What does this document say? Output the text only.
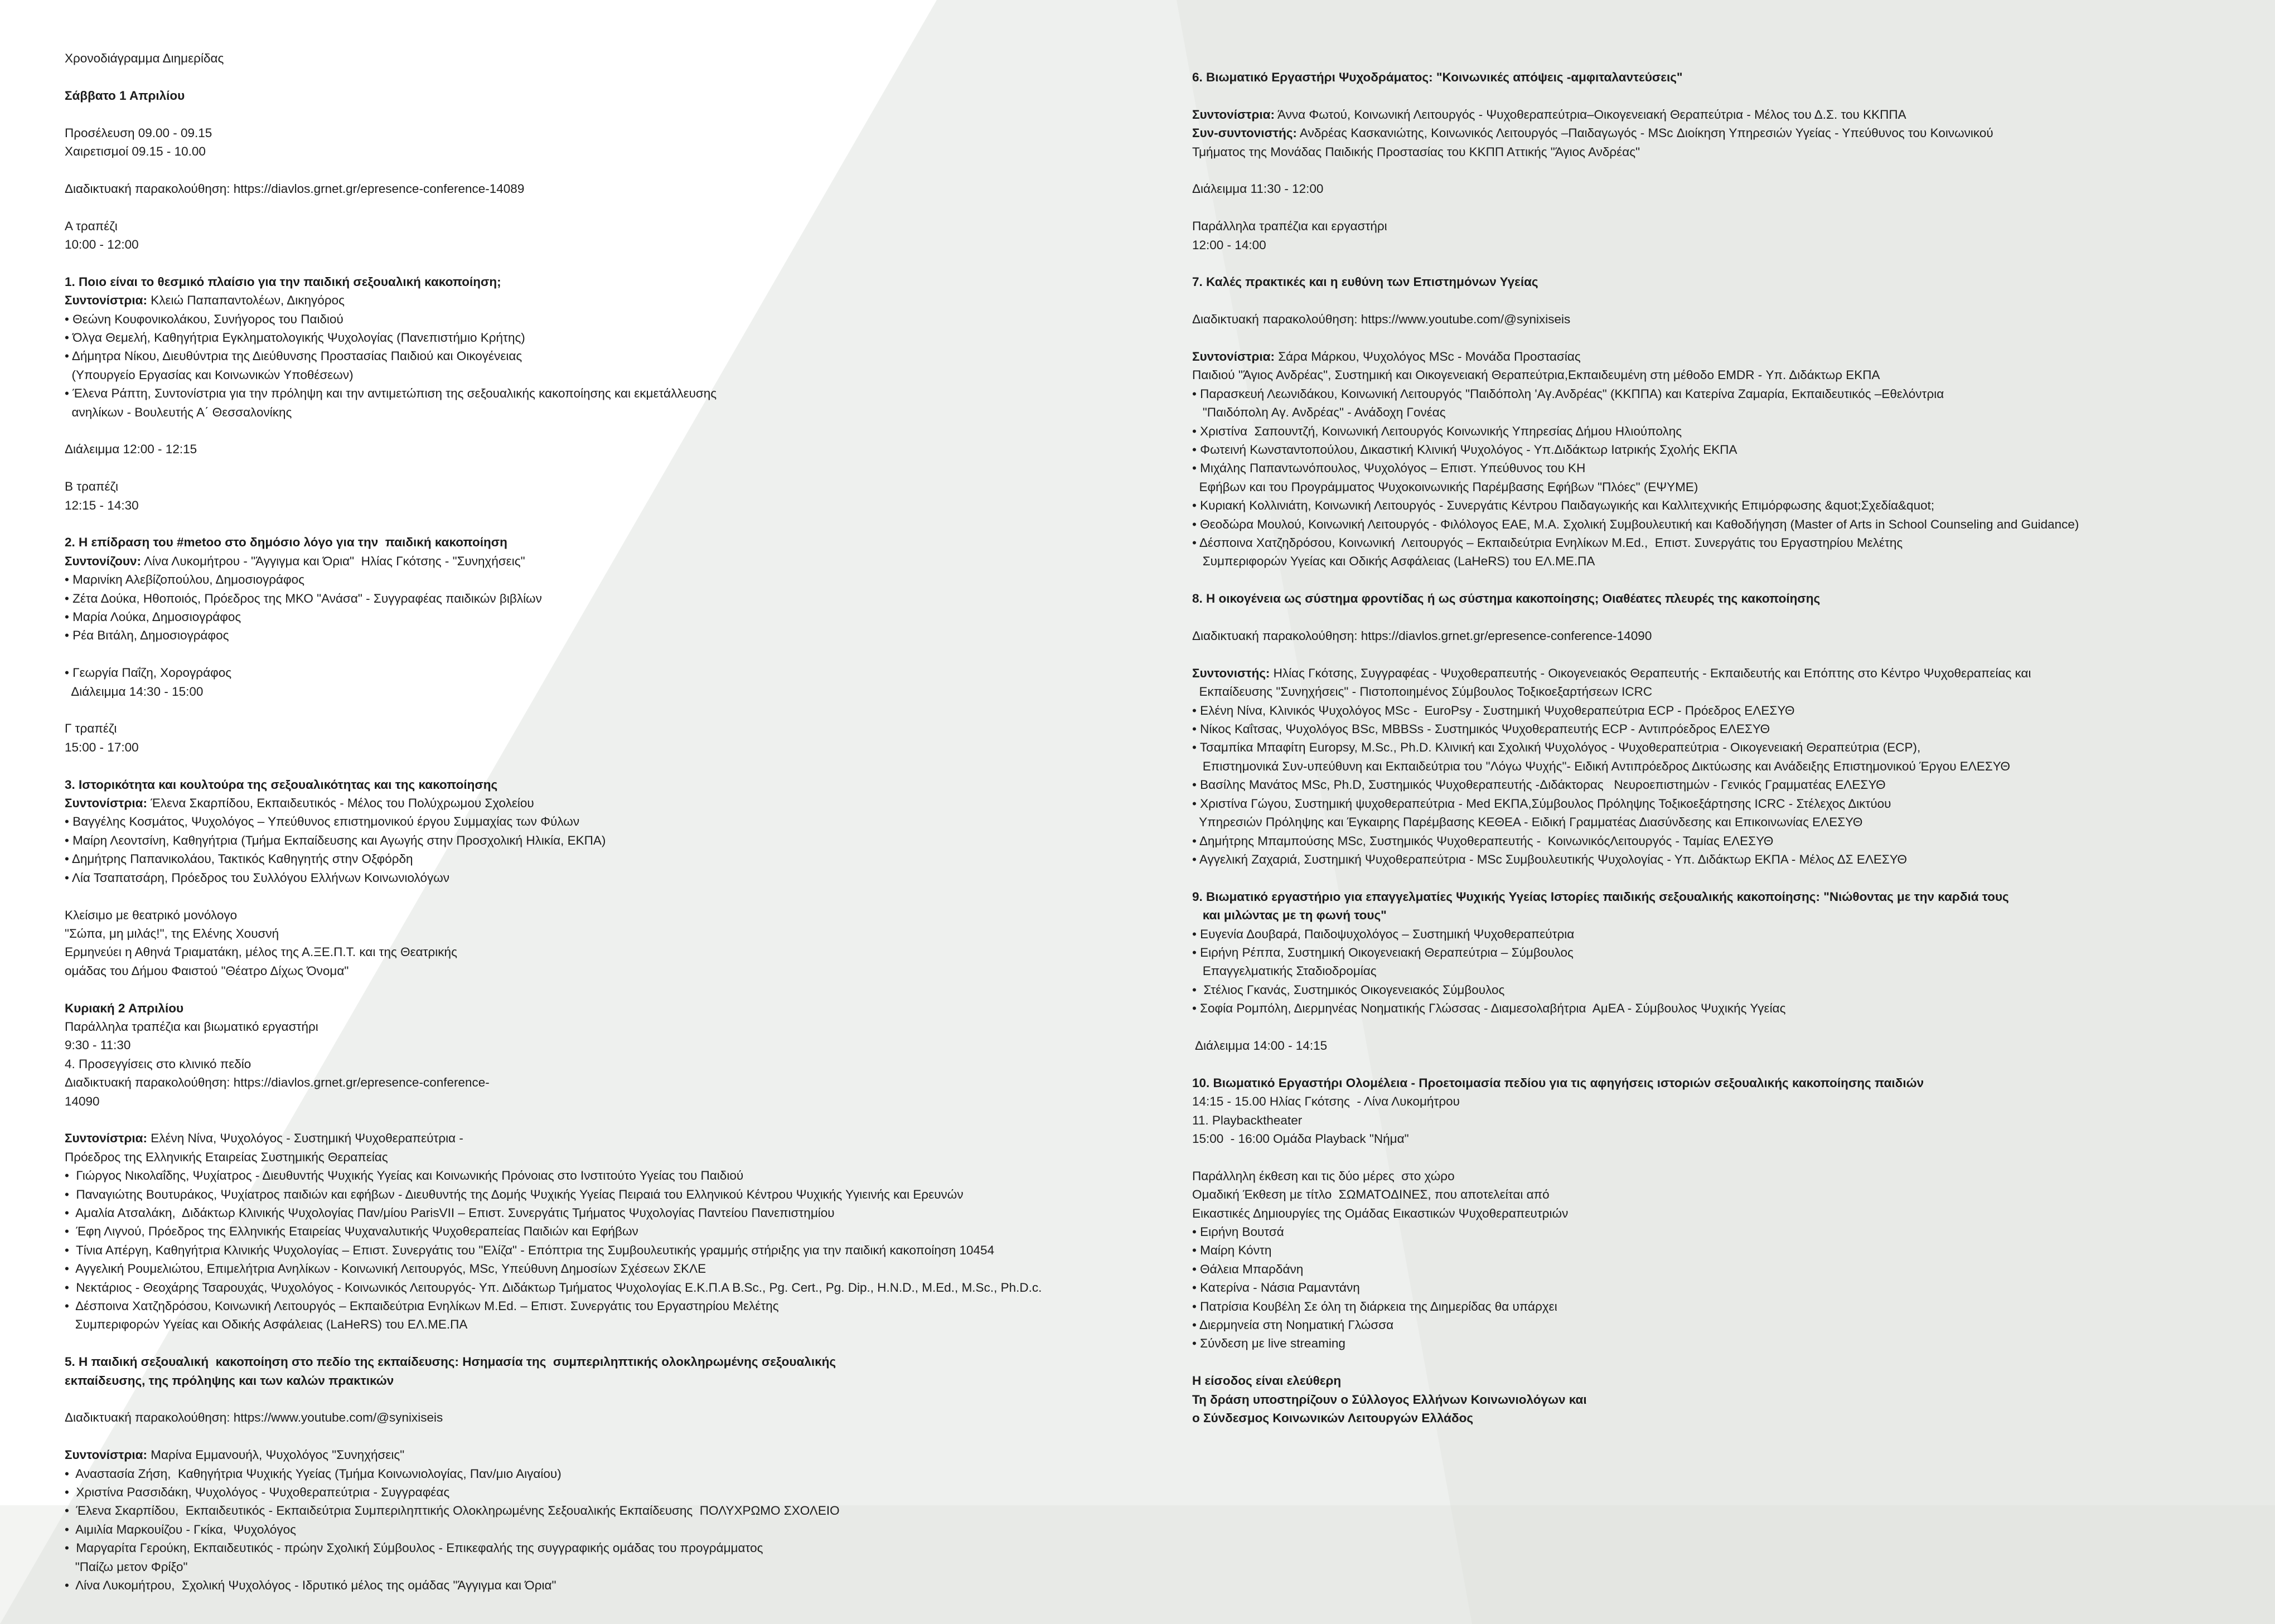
Χρονοδιάγραμμα Διημερίδας
Σάββατο 1 Απριλίου
Προσέλευση 09.00 - 09.15
Χαιρετισμοί 09.15 - 10.00
Διαδικτυακή παρακολούθηση: https://diavlos.grnet.gr/epresence-conference-14089
Α τραπέζι
10:00 - 12:00
1. Ποιο είναι το θεσμικό πλαίσιο για την παιδική σεξουαλική κακοποίηση;
Συντονίστρια: Κλειώ Παπαπαντολέων, Δικηγόρος
• Θεώνη Κουφονικολάκου, Συνήγορος του Παιδιού
• Όλγα Θεμελή, Καθηγήτρια Εγκληματολογικής Ψυχολογίας (Πανεπιστήμιο Κρήτης)
• Δήμητρα Νίκου, Διευθύντρια της Διεύθυνσης Προστασίας Παιδιού και Οικογένειας
(Υπουργείο Εργασίας και Κοινωνικών Υποθέσεων)
• Έλενα Ράπτη, Συντονίστρια για την πρόληψη και την αντιμετώπιση της σεξουαλικής κακοποίησης και εκμετάλλευσης
ανηλίκων - Βουλευτής Α΄ Θεσσαλονίκης
Διάλειμμα 12:00 - 12:15
Β τραπέζι
12:15 - 14:30
2. Η επίδραση του #metoo στο δημόσιο λόγο για την  παιδική κακοποίηση
Συντονίζουν: Λίνα Λυκομήτρου - "Άγγιγμα και Όρια"  Ηλίας Γκότσης - "Συνηχήσεις"
• Μαρινίκη Αλεβίζοπούλου, Δημοσιογράφος
• Ζέτα Δούκα, Ηθοποιός, Πρόεδρος της ΜΚΟ "Ανάσα" - Συγγραφέας παιδικών βιβλίων
• Μαρία Λούκα, Δημοσιογράφος
• Ρέα Βιτάλη, Δημοσιογράφος
• Γεωργία Παΐζη, Χορογράφος
Διάλειμμα 14:30 - 15:00
Γ τραπέζι
15:00 - 17:00
3. Ιστορικότητα και κουλτούρα της σεξουαλικότητας και της κακοποίησης
Συντονίστρια: Έλενα Σκαρπίδου, Εκπαιδευτικός - Μέλος του Πολύχρωμου Σχολείου
• Βαγγέλης Κοσμάτος, Ψυχολόγος – Υπεύθυνος επιστημονικού έργου Συμμαχίας των Φύλων
• Μαίρη Λεοντσίνη, Καθηγήτρια (Τμήμα Εκπαίδευσης και Αγωγής στην Προσχολική Ηλικία, ΕΚΠΑ)
• Δημήτρης Παπανικολάου, Τακτικός Καθηγητής στην Οξφόρδη
• Λία Τσαπατσάρη, Πρόεδρος του Συλλόγου Ελλήνων Κοινωνιολόγων
Κλείσιμο με θεατρικό μονόλογο
"Σώπα, μη μιλάς!", της Ελένης Χουσνή
Ερμηνεύει η Αθηνά Τριαματάκη, μέλος της Α.ΞΕ.Π.Τ. και της Θεατρικής
ομάδας του Δήμου Φαιστού "Θέατρο Δίχως Όνομα"
Κυριακή 2 Απριλίου
Παράλληλα τραπέζια και βιωματικό εργαστήρι
9:30 - 11:30
4. Προσεγγίσεις στο κλινικό πεδίο
Διαδικτυακή παρακολούθηση: https://diavlos.grnet.gr/epresence-conference-
14090
Συντονίστρια: Ελένη Νίνα, Ψυχολόγος - Συστημική Ψυχοθεραπεύτρια -
Πρόεδρος της Ελληνικής Εταιρείας Συστημικής Θεραπείας
•  Γιώργος Νικολαΐδης, Ψυχίατρος - Διευθυντής Ψυχικής Υγείας και Κοινωνικής Πρόνοιας στο Ινστιτούτο Υγείας του Παιδιού
•  Παναγιώτης Βουτυράκος, Ψυχίατρος παιδιών και εφήβων - Διευθυντής της Δομής Ψυχικής Υγείας Πειραιά του Ελληνικού Κέντρου Ψυχικής Υγιεινής και Ερευνών
•  Αμαλία Ατσαλάκη,  Διδάκτωρ Κλινικής Ψυχολογίας Παν/μίου ParisVII – Επιστ. Συνεργάτις Τμήματος Ψυχολογίας Παντείου Πανεπιστημίου
•  Έφη Λιγνού, Πρόεδρος της Ελληνικής Εταιρείας Ψυχαναλυτικής Ψυχοθεραπείας Παιδιών και Εφήβων
•  Τίνια Απέργη, Καθηγήτρια Κλινικής Ψυχολογίας – Επιστ. Συνεργάτις του "Ελίζα" - Επόπτρια της Συμβουλευτικής γραμμής στήριξης για την παιδική κακοποίηση 10454
•  Αγγελική Ρουμελιώτου, Επιμελήτρια Ανηλίκων - Κοινωνική Λειτουργός, MSc, Υπεύθυνη Δημοσίων Σχέσεων ΣΚΛΕ
•  Νεκτάριος - Θεοχάρης Τσαρουχάς, Ψυχολόγος - Κοινωνικός Λειτουργός- Υπ. Διδάκτωρ Τμήματος Ψυχολογίας Ε.Κ.Π.Α B.Sc., Pg. Cert., Pg. Dip., H.N.D., M.Ed., M.Sc., Ph.D.c.
•  Δέσποινα Χατζηδρόσου, Κοινωνική Λειτουργός – Εκπαιδεύτρια Ενηλίκων M.Ed. – Επιστ. Συνεργάτις του Εργαστηρίου Μελέτης
Συμπεριφορών Υγείας και Οδικής Ασφάλειας (LaHeRS) του ΕΛ.ΜΕ.ΠΑ
5. Η παιδική σεξουαλική  κακοποίηση στο πεδίο της εκπαίδευσης: Ησημασία της  συμπεριληπτικής ολοκληρωμένης σεξουαλικής
εκπαίδευσης, της πρόληψης και των καλών πρακτικών
Διαδικτυακή παρακολούθηση: https://www.youtube.com/@synixiseis
Συντονίστρια: Μαρίνα Εμμανουήλ, Ψυχολόγος "Συνηχήσεις"
•  Αναστασία Ζήση,  Καθηγήτρια Ψυχικής Υγείας (Τμήμα Κοινωνιολογίας, Παν/μιο Αιγαίου)
•  Χριστίνα Ρασσιδάκη, Ψυχολόγος - Ψυχοθεραπεύτρια - Συγγραφέας
•  Έλενα Σκαρπίδου,  Εκπαιδευτικός - Εκπαιδεύτρια Συμπεριληπτικής Ολοκληρωμένης Σεξουαλικής Εκπαίδευσης  ΠΟΛΥΧΡΩΜΟ ΣΧΟΛΕΙΟ
•  Αιμιλία Μαρκουίζου - Γκίκα,  Ψυχολόγος
•  Μαργαρίτα Γερούκη, Εκπαιδευτικός - πρώην Σχολική Σύμβουλος - Επικεφαλής της συγγραφικής ομάδας του προγράμματος
"Παίζω μετον Φρίξο"
•  Λίνα Λυκομήτρου,  Σχολική Ψυχολόγος - Ιδρυτικό μέλος της ομάδας "Άγγιγμα και Όρια"
6. Βιωματικό Εργαστήρι Ψυχοδράματος: "Κοινωνικές απόψεις -αμφιταλαντεύσεις"
Συντονίστρια: Άννα Φωτού, Κοινωνική Λειτουργός - Ψυχοθεραπεύτρια–Οικογενειακή Θεραπεύτρια - Μέλος του Δ.Σ. του ΚΚΠΠΑ
Συν-συντονιστής: Ανδρέας Κασκανιώτης, Κοινωνικός Λειτουργός –Παιδαγωγός - MSc Διοίκηση Υπηρεσιών Υγείας - Υπεύθυνος του Κοινωνικού
Τμήματος της Μονάδας Παιδικής Προστασίας του ΚΚΠΠ Αττικής "Άγιος Ανδρέας"
Διάλειμμα 11:30 - 12:00
Παράλληλα τραπέζια και εργαστήρι
12:00 - 14:00
7. Καλές πρακτικές και η ευθύνη των Επιστημόνων Υγείας
Διαδικτυακή παρακολούθηση: https://www.youtube.com/@synixiseis
Συντονίστρια: Σάρα Μάρκου, Ψυχολόγος MSc - Μονάδα Προστασίας
Παιδιού "Άγιος Ανδρέας", Συστημική και Οικογενειακή Θεραπεύτρια,Εκπαιδευμένη στη μέθοδο EMDR - Υπ. Διδάκτωρ ΕΚΠΑ
• Παρασκευή Λεωνιδάκου, Κοινωνική Λειτουργός "Παιδόπολη 'Αγ.Ανδρέας" (ΚΚΠΠΑ) και Κατερίνα Ζαμαρία, Εκπαιδευτικός –Εθελόντρια
"Παιδόπολη Αγ. Ανδρέας" - Ανάδοχη Γονέας
• Χριστίνα  Σαπουντζή, Κοινωνική Λειτουργός Κοινωνικής Υπηρεσίας Δήμου Ηλιούπολης
• Φωτεινή Κωνσταντοπούλου, Δικαστική Κλινική Ψυχολόγος - Υπ.Διδάκτωρ Ιατρικής Σχολής ΕΚΠΑ
• Μιχάλης Παπαντωνόπουλος, Ψυχολόγος – Επιστ. Υπεύθυνος του ΚΗ
Εφήβων και του Προγράμματος Ψυχοκοινωνικής Παρέμβασης Εφήβων "Πλόες" (ΕΨΥΜΕ)
• Κυριακή Κολλινιάτη, Κοινωνική Λειτουργός - Συνεργάτις Κέντρου Παιδαγωγικής και Καλλιτεχνικής Επιμόρφωσης &quot;Σχεδία&quot;
• Θεοδώρα Μουλού, Κοινωνική Λειτουργός - Φιλόλογος ΕΑΕ, Μ.Α. Σχολική Συμβουλευτική και Καθοδήγηση (Master of Arts in School Counseling and Guidance)
• Δέσποινα Χατζηδρόσου, Κοινωνική  Λειτουργός – Εκπαιδεύτρια Ενηλίκων M.Ed.,  Επιστ. Συνεργάτις του Εργαστηρίου Μελέτης
Συμπεριφορών Υγείας και Οδικής Ασφάλειας (LaHeRS) του ΕΛ.ΜΕ.ΠΑ
8. Η οικογένεια ως σύστημα φροντίδας ή ως σύστημα κακοποίησης; Οιαθέατες πλευρές της κακοποίησης
Διαδικτυακή παρακολούθηση: https://diavlos.grnet.gr/epresence-conference-14090
Συντονιστής: Ηλίας Γκότσης, Συγγραφέας - Ψυχοθεραπευτής - Οικογενειακός Θεραπευτής - Εκπαιδευτής και Επόπτης στο Κέντρο Ψυχοθεραπείας και
Εκπαίδευσης "Συνηχήσεις" - Πιστοποιημένος Σύμβουλος Τοξικοεξαρτήσεων ICRC
• Ελένη Νίνα, Κλινικός Ψυχολόγος MSc -  EuroPsy - Συστημική Ψυχοθεραπεύτρια ECP - Πρόεδρος ΕΛΕΣΥΘ
• Νίκος Καΐτσας, Ψυχολόγος BSc, MBBSs - Συστημικός Ψυχοθεραπευτής ECP - Αντιπρόεδρος ΕΛΕΣΥΘ
• Τσαμπίκα Μπαφίτη Europsy, M.Sc., Ph.D. Κλινική και Σχολική Ψυχολόγος - Ψυχοθεραπεύτρια - Οικογενειακή Θεραπεύτρια (ECP),
Επιστημονικά Συν-υπεύθυνη και Εκπαιδεύτρια του "Λόγω Ψυχής"- Ειδική Αντιπρόεδρος Δικτύωσης και Ανάδειξης Επιστημονικού Έργου ΕΛΕΣΥΘ
• Βασίλης Μανάτος MSc, Ph.D, Συστημικός Ψυχοθεραπευτής -Διδάκτορας   Νευροεπιστημών - Γενικός Γραμματέας ΕΛΕΣΥΘ
• Χριστίνα Γώγου, Συστημική ψυχοθεραπεύτρια - Med ΕΚΠΑ,Σύμβουλος Πρόληψης Τοξικοεξάρτησης ICRC - Στέλεχος Δικτύου
Υπηρεσιών Πρόληψης και Έγκαιρης Παρέμβασης ΚΕΘΕΑ - Ειδική Γραμματέας Διασύνδεσης και Επικοινωνίας ΕΛΕΣΥΘ
• Δημήτρης Μπαμπούσης MSc, Συστημικός Ψυχοθεραπευτής -  ΚοινωνικόςΛειτουργός - Ταμίας ΕΛΕΣΥΘ
• Αγγελική Ζαχαριά, Συστημική Ψυχοθεραπεύτρια - MSc Συμβουλευτικής Ψυχολογίας - Υπ. Διδάκτωρ ΕΚΠΑ - Μέλος ΔΣ ΕΛΕΣΥΘ
9. Βιωματικό εργαστήριο για επαγγελματίες Ψυχικής Υγείας Ιστορίες παιδικής σεξουαλικής κακοποίησης: "Νιώθοντας με την καρδιά τους
και μιλώντας με τη φωνή τους"
• Ευγενία Δουβαρά, Παιδοψυχολόγος – Συστημική Ψυχοθεραπεύτρια
• Ειρήνη Ρέππα, Συστημική Οικογενειακή Θεραπεύτρια – Σύμβουλος
Επαγγελματικής Σταδιοδρομίας
•  Στέλιος Γκανάς, Συστημικός Οικογενειακός Σύμβουλος
• Σοφία Ρομπόλη, Διερμηνέας Νοηματικής Γλώσσας - Διαμεσολαβήτρια  ΑμΕΑ - Σύμβουλος Ψυχικής Υγείας
Διάλειμμα 14:00 - 14:15
10. Βιωματικό Εργαστήρι Ολομέλεια - Προετοιμασία πεδίου για τις αφηγήσεις ιστοριών σεξουαλικής κακοποίησης παιδιών
14:15 - 15.00 Ηλίας Γκότσης  - Λίνα Λυκομήτρου
11. Playbacktheater
15:00  - 16:00 Ομάδα Playback "Νήμα"
Παράλληλη έκθεση και τις δύο μέρες  στο χώρο
Ομαδική Έκθεση με τίτλο  ΣΩΜΑΤΟΔΙΝΕΣ, που αποτελείται από
Εικαστικές Δημιουργίες της Ομάδας Εικαστικών Ψυχοθεραπευτριών
• Ειρήνη Βουτσά
• Μαίρη Κόντη
• Θάλεια Μπαρδάνη
• Κατερίνα - Νάσια Ραμαντάνη
• Πατρίσια Κουβέλη Σε όλη τη διάρκεια της Διημερίδας θα υπάρχει
• Διερμηνεία στη Νοηματική Γλώσσα
• Σύνδεση με live streaming
Η είσοδος είναι ελεύθερη
Τη δράση υποστηρίζουν ο Σύλλογος Ελλήνων Κοινωνιολόγων και
ο Σύνδεσμος Κοινωνικών Λειτουργών Ελλάδος
